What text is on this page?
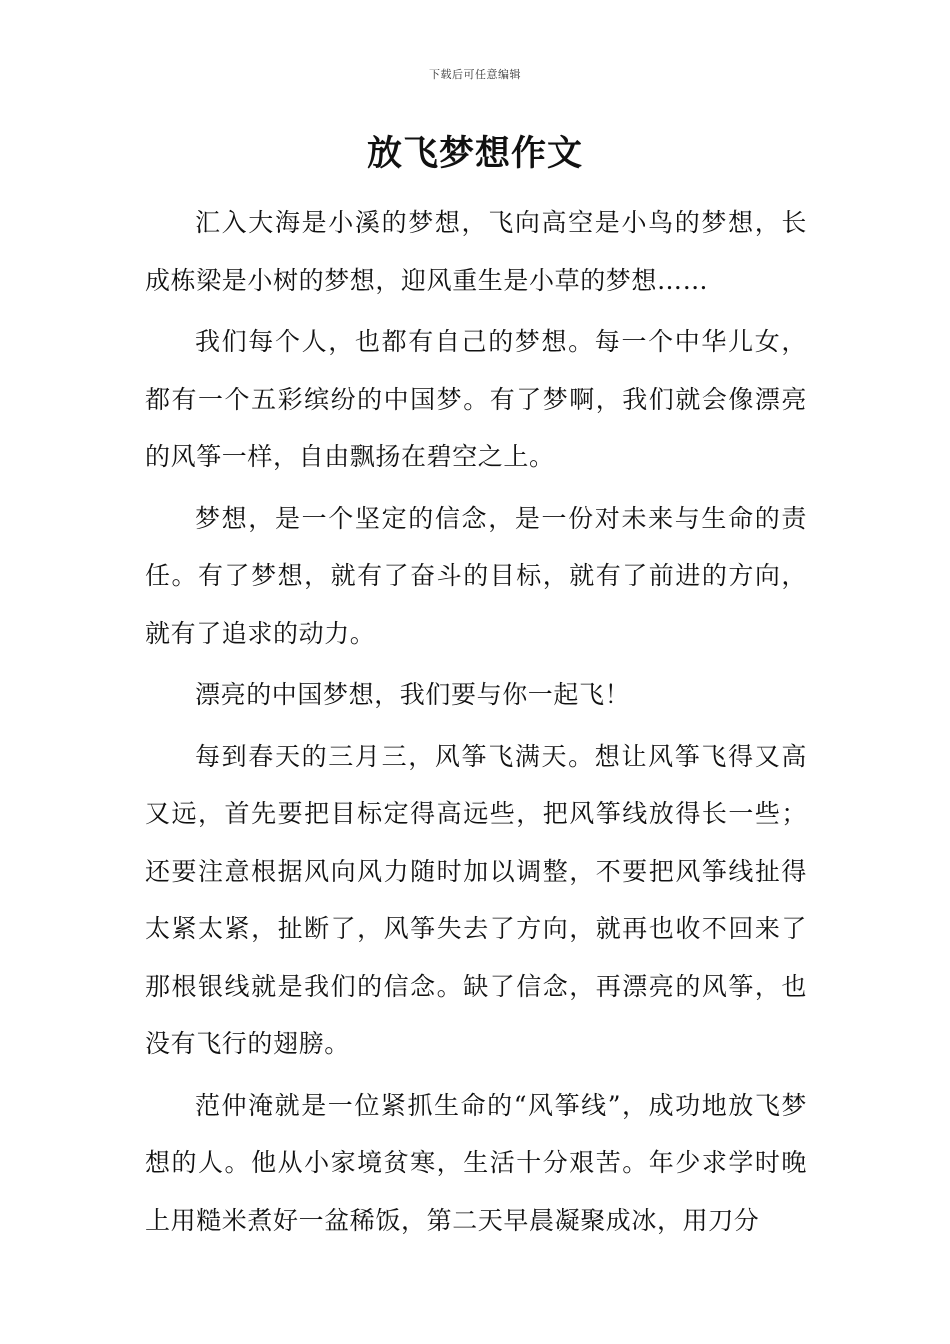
下载后可任意编辑
放飞梦想作文

汇入大海是小溪的梦想，飞向高空是小鸟的梦想，长成栋梁是小树的梦想，迎风重生是小草的梦想……

我们每个人，也都有自己的梦想。每一个中华儿女，都有一个五彩缤纷的中国梦。有了梦啊，我们就会像漂亮的风筝一样，自由飘扬在碧空之上。

梦想，是一个坚定的信念，是一份对未来与生命的责任。有了梦想，就有了奋斗的目标，就有了前进的方向，就有了追求的动力。

漂亮的中国梦想，我们要与你一起飞！

每到春天的三月三，风筝飞满天。想让风筝飞得又高又远，首先要把目标定得高远些，把风筝线放得长一些；还要注意根据风向风力随时加以调整，不要把风筝线扯得太紧太紧，扯断了，风筝失去了方向，就再也收不回来了那根银线就是我们的信念。缺了信念，再漂亮的风筝，也没有飞行的翅膀。

范仲淹就是一位紧抓生命的“风筝线”，成功地放飞梦想的人。他从小家境贫寒，生活十分艰苦。年少求学时晚上用糙米煮好一盆稀饭，第二天早晨凝聚成冰，用刀分
